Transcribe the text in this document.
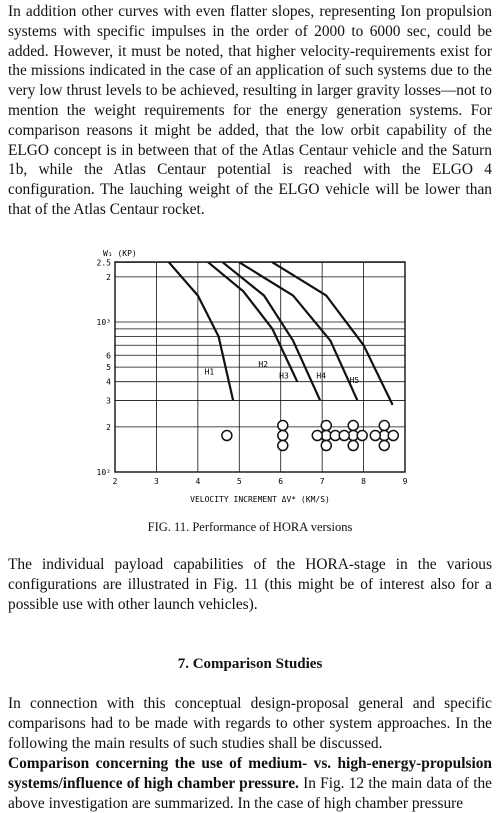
In addition other curves with even flatter slopes, representing Ion propulsion systems with specific impulses in the order of 2000 to 6000 sec, could be added. However, it must be noted, that higher velocity-requirements exist for the missions indicated in the case of an application of such systems due to the very low thrust levels to be achieved, resulting in larger gravity losses—not to mention the weight requirements for the energy generation systems. For comparison reasons it might be added, that the low orbit capability of the ELGO concept is in between that of the Atlas Centaur vehicle and the Saturn 1b, while the Atlas Centaur potential is reached with the ELGO 4 configuration. The lauching weight of the ELGO vehicle will be lower than that of the Atlas Centaur rocket.

2	3	4	5	6	7	8	9
2.5
2
10³
6
5
4
3
2
10²
W₁ (KP)
VELOCITY INCREMENT ΔV* (KM/S)
H1
H2
H3	H4	H5
FIG. 11. Performance of HORA versions

The individual payload capabilities of the HORA-stage in the various configurations are illustrated in Fig. 11 (this might be of interest also for a possible use with other launch vehicles).

7. Comparison Studies

In connection with this conceptual design-proposal general and specific comparisons had to be made with regards to other system approaches. In the following the main results of such studies shall be discussed.

Comparison concerning the use of medium- vs. high-energy-propulsion systems/influence of high chamber pressure. In Fig. 12 the main data of the above investigation are summarized. In the case of high chamber pressure
